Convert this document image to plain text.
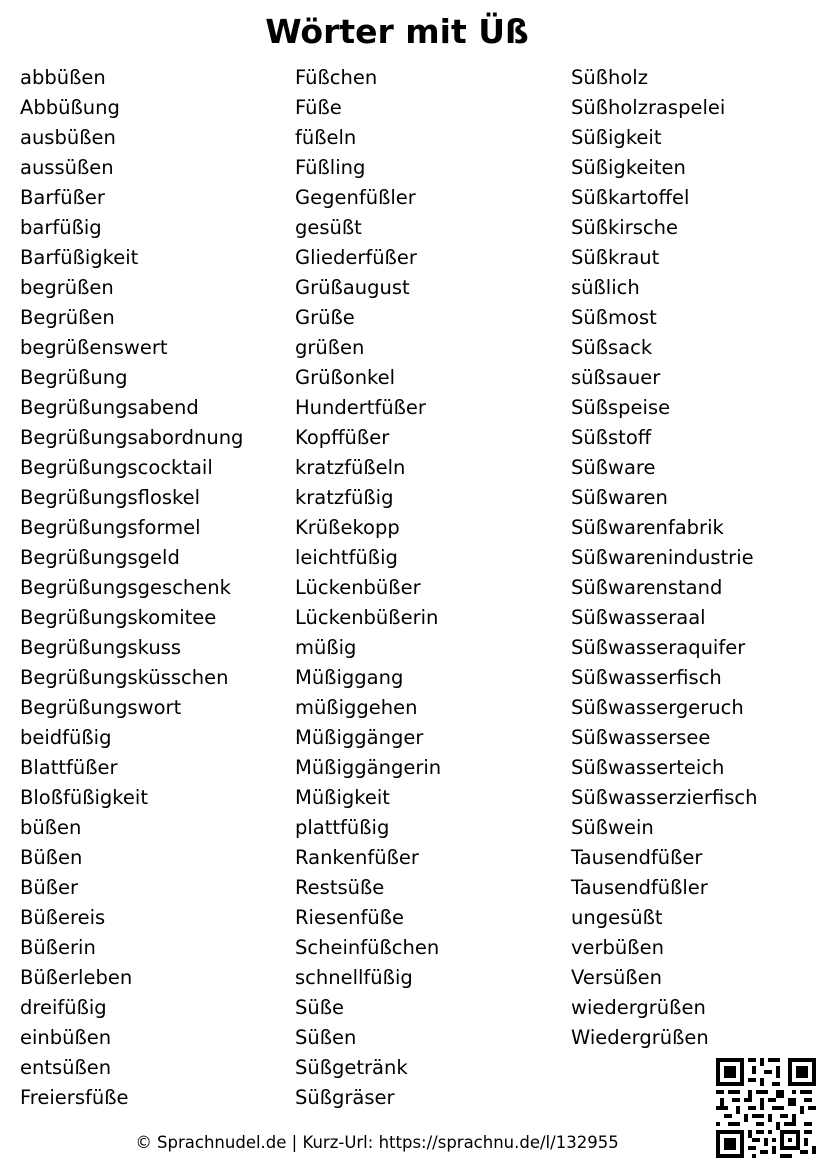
Wörter mit Üß
abbüßen
Abbüßung
ausbüßen
aussüßen
Barfüßer
barfüßig
Barfüßigkeit
begrüßen
Begrüßen
begrüßenswert
Begrüßung
Begrüßungsabend
Begrüßungsabordnung
Begrüßungscocktail
Begrüßungsfloskel
Begrüßungsformel
Begrüßungsgeld
Begrüßungsgeschenk
Begrüßungskomitee
Begrüßungskuss
Begrüßungsküsschen
Begrüßungswort
beidfüßig
Blattfüßer
Bloßfüßigkeit
büßen
Büßen
Büßer
Büßereis
Büßerin
Büßerleben
dreifüßig
einbüßen
entsüßen
Freiersfüße
Füßchen
Füße
füßeln
Füßling
Gegenfüßler
gesüßt
Gliederfüßer
Grüßaugust
Grüße
grüßen
Grüßonkel
Hundertfüßer
Kopffüßer
kratzfüßeln
kratzfüßig
Krüßekopp
leichtfüßig
Lückenbüßer
Lückenbüßerin
müßig
Müßiggang
müßiggehen
Müßiggänger
Müßiggängerin
Müßigkeit
plattfüßig
Rankenfüßer
Restsüße
Riesenfüße
Scheinfüßchen
schnellfüßig
Süße
Süßen
Süßgetränk
Süßgräser
Süßholz
Süßholzraspelei
Süßigkeit
Süßigkeiten
Süßkartoffel
Süßkirsche
Süßkraut
süßlich
Süßmost
Süßsack
süßsauer
Süßspeise
Süßstoff
Süßware
Süßwaren
Süßwarenfabrik
Süßwarenindustrie
Süßwarenstand
Süßwasseraal
Süßwasseraquifer
Süßwasserfisch
Süßwassergeruch
Süßwassersee
Süßwasserteich
Süßwasserzierfisch
Süßwein
Tausendfüßer
Tausendfüßler
ungesüßt
verbüßen
Versüßen
wiedergrüßen
Wiedergrüßen
© Sprachnudel.de | Kurz-Url: https://sprachnu.de/l/132955
